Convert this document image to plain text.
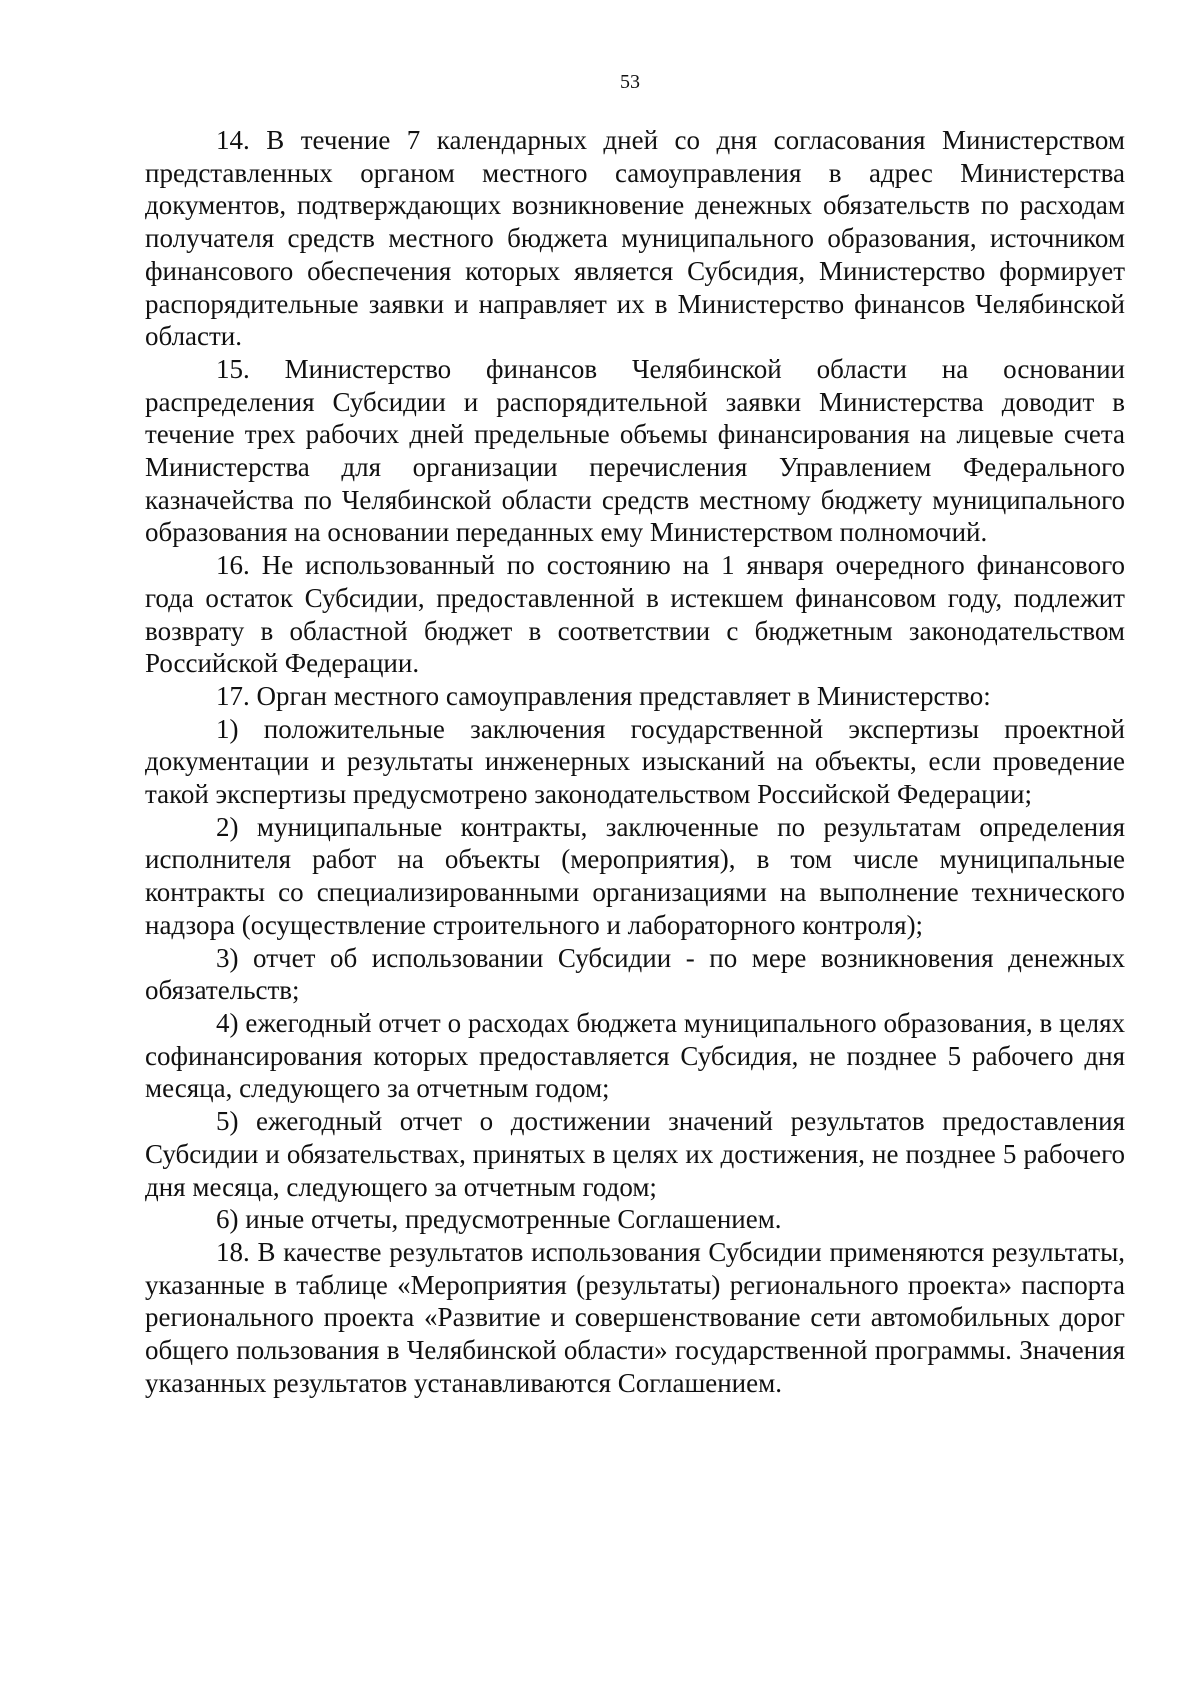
53

14. В течение 7 календарных дней со дня согласования Министерством представленных органом местного самоуправления в адрес Министерства документов, подтверждающих возникновение денежных обязательств по расходам получателя средств местного бюджета муниципального образования, источником финансового обеспечения которых является Субсидия, Министерство формирует распорядительные заявки и направляет их в Министерство финансов Челябинской области.

15. Министерство финансов Челябинской области на основании распределения Субсидии и распорядительной заявки Министерства доводит в течение трех рабочих дней предельные объемы финансирования на лицевые счета Министерства для организации перечисления Управлением Федерального казначейства по Челябинской области средств местному бюджету муниципального образования на основании переданных ему Министерством полномочий.

16. Не использованный по состоянию на 1 января очередного финансового года остаток Субсидии, предоставленной в истекшем финансовом году, подлежит возврату в областной бюджет в соответствии с бюджетным законодательством Российской Федерации.

17. Орган местного самоуправления представляет в Министерство:

1) положительные заключения государственной экспертизы проектной документации и результаты инженерных изысканий на объекты, если проведение такой экспертизы предусмотрено законодательством Российской Федерации;

2) муниципальные контракты, заключенные по результатам определения исполнителя работ на объекты (мероприятия), в том числе муниципальные контракты со специализированными организациями на выполнение технического надзора (осуществление строительного и лабораторного контроля);

3) отчет об использовании Субсидии - по мере возникновения денежных обязательств;

4) ежегодный отчет о расходах бюджета муниципального образования, в целях софинансирования которых предоставляется Субсидия, не позднее 5 рабочего дня месяца, следующего за отчетным годом;

5) ежегодный отчет о достижении значений результатов предоставления Субсидии и обязательствах, принятых в целях их достижения, не позднее 5 рабочего дня месяца, следующего за отчетным годом;

6) иные отчеты, предусмотренные Соглашением.

18. В качестве результатов использования Субсидии применяются результаты, указанные в таблице «Мероприятия (результаты) регионального проекта» паспорта регионального проекта «Развитие и совершенствование сети автомобильных дорог общего пользования в Челябинской области» государственной программы. Значения указанных результатов устанавливаются Соглашением.
